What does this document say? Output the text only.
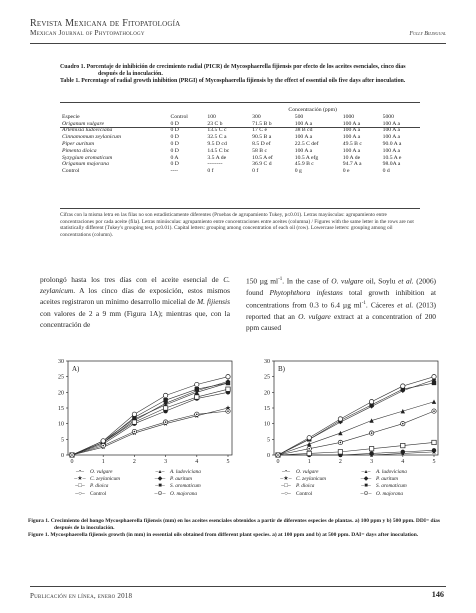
Revista Mexicana de Fitopatología
Mexican Journal of Phytopathology	Fully Bilingual

Cuadro 1. Porcentaje de inhibición de crecimiento radial (PICR) de Mycosphaerella fijiensis por efecto de los aceites esenciales, cinco días después de la inoculación.

Table 1. Percentage of radial growth inhibition (PRGI) of Mycosphaerella fijiensis by the effect of essential oils five days after inoculation.

		Concentración (ppm)				
Especie	Control	100	300	500	1000	5000
Origanum vulgare	0 D	23 C b	71.5 B b	100 A a	100 A a	100 A a
Artemisia ludoviciana	0 D	13.5 C c	17 C e	38 B cd	100 A a	100 A a
Cinnamomum zeylanicum	0 D	32.5 C a	90.5 B a	100 A a	100 A a	100 A a
Piper auritum	0 D	9.5 D cd	8.5 D ef	22.5 C def	49.5 B c	90.0 A a
Pimenta dioica	0 D	14.5 C bc	58 B c	100 A a	100 A a	100 A a
Syzygium aromaticum	0 A	3.5 A de	10.5 A ef	10.5 A efg	10 A de	10.5 A e
Origanum majorana	0 D	--------	36.9 C d	45.9 B c	94.7 A a	98.0A a
Control	----	0 f	0 f	0 g	0 e	0 d
Cifras con la misma letra en las filas no son estadísticamente diferentes (Pruebas de agrupamiento Tukey, p≤0.01). Letras mayúsculas: agrupamiento entre concentraciones por cada aceite (fila). Letras minúsculas: agrupamiento entre concentraciones entre aceites (columna) / Figures with the same letter in the rows are not statistically different (Tukey's grouping test, p≤0.01). Capital letters: grouping among concentration of each oil (row). Lowercase letters: grouping among oil concentrations (column).

prolongó hasta los tres días con el aceite esencial de C. zeylanicum. A los cinco días de exposición, estos mismos aceites registraron un mínimo desarrollo micelial de M. fijiensis con valores de 2 a 9 mm (Figura 1A); mientras que, con la concentración de

150 µg $ml^{-1}$. In the case of O. vulgare oil, Soylu et al. (2006) found Phytophthora infestans total growth inhibition at concentrations from 0.3 to 6.4 µg $ml^{-1}$. Cáceres et al. (2013) reported that an O. vulgare extract at a concentration of 200 ppm caused

0
5
10
15
20
25
30
0	1	2	3	4	5
A)
0
5
10
15
20
25
30
0	1	2	3	4	5
B)
–•–	O. vulgare	–▴–	A. ludoviciana
–★– C. zeylanicum	–◆– P. auritum
–□– P. dioica	–■– S. aromaticum
–○– Control	–⊙– O. majorana
–•–	O. vulgare	–▴–	A. ludoviciana
–★– C. zeylanicum	–◆– P. auritum
–□– P. dioica	–■– S. aromaticum
–○– Control	–⊙– O. majorana

Figura 1. Crecimiento del hongo Mycosphaerella fijiensis (mm) en los aceites esenciales obtenidos a partir de diferentes especies de plantas. a) 100 ppm y b) 500 ppm. DDI= días después de la inoculación.

Figure 1. Mycosphaerella fijiensis growth (in mm) in essential oils obtained from different plant species. a) at 100 ppm and b) at 500 ppm. DAI= days after inoculation.

Publicación en línea, enero 2018	146
